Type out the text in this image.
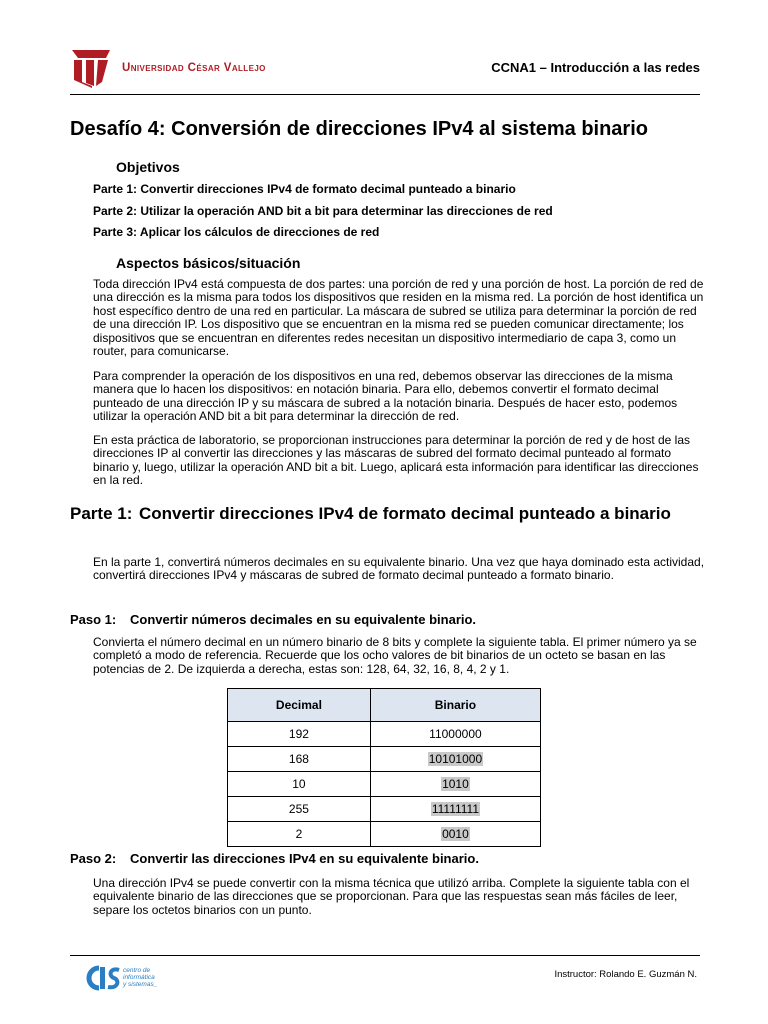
Universidad César Vallejo	CCNA1 – Introducción a las redes
Desafío 4: Conversión de direcciones IPv4 al sistema binario
Objetivos

Parte 1: Convertir direcciones IPv4 de formato decimal punteado a binario

Parte 2: Utilizar la operación AND bit a bit para determinar las direcciones de red

Parte 3: Aplicar los cálculos de direcciones de red

Aspectos básicos/situación

Toda dirección IPv4 está compuesta de dos partes: una porción de red y una porción de host. La porción de red de una dirección es la misma para todos los dispositivos que residen en la misma red. La porción de host identifica un host específico dentro de una red en particular. La máscara de subred se utiliza para determinar la porción de red de una dirección IP. Los dispositivo que se encuentran en la misma red se pueden comunicar directamente; los dispositivos que se encuentran en diferentes redes necesitan un dispositivo intermediario de capa 3, como un router, para comunicarse.

Para comprender la operación de los dispositivos en una red, debemos observar las direcciones de la misma manera que lo hacen los dispositivos: en notación binaria. Para ello, debemos convertir el formato decimal punteado de una dirección IP y su máscara de subred a la notación binaria. Después de hacer esto, podemos utilizar la operación AND bit a bit para determinar la dirección de red.

En esta práctica de laboratorio, se proporcionan instrucciones para determinar la porción de red y de host de las direcciones IP al convertir las direcciones y las máscaras de subred del formato decimal punteado al formato binario y, luego, utilizar la operación AND bit a bit. Luego, aplicará esta información para identificar las direcciones en la red.

Parte 1: Convertir direcciones IPv4 de formato decimal punteado a binario

En la parte 1, convertirá números decimales en su equivalente binario. Una vez que haya dominado esta actividad, convertirá direcciones IPv4 y máscaras de subred de formato decimal punteado a formato binario.

Paso 1: Convertir números decimales en su equivalente binario.

Convierta el número decimal en un número binario de 8 bits y complete la siguiente tabla. El primer número ya se completó a modo de referencia. Recuerde que los ocho valores de bit binarios de un octeto se basan en las potencias de 2. De izquierda a derecha, estas son: 128, 64, 32, 16, 8, 4, 2 y 1.

Decimal	Binario
192	11000000
168	10101000
10	1010
255	11111111
2	0010

Paso 2: Convertir las direcciones IPv4 en su equivalente binario.

Una dirección IPv4 se puede convertir con la misma técnica que utilizó arriba. Complete la siguiente tabla con el equivalente binario de las direcciones que se proporcionan. Para que las respuestas sean más fáciles de leer, separe los octetos binarios con un punto.

centro de
informática
y sistemas_
Instructor: Rolando E. Guzmán N.
